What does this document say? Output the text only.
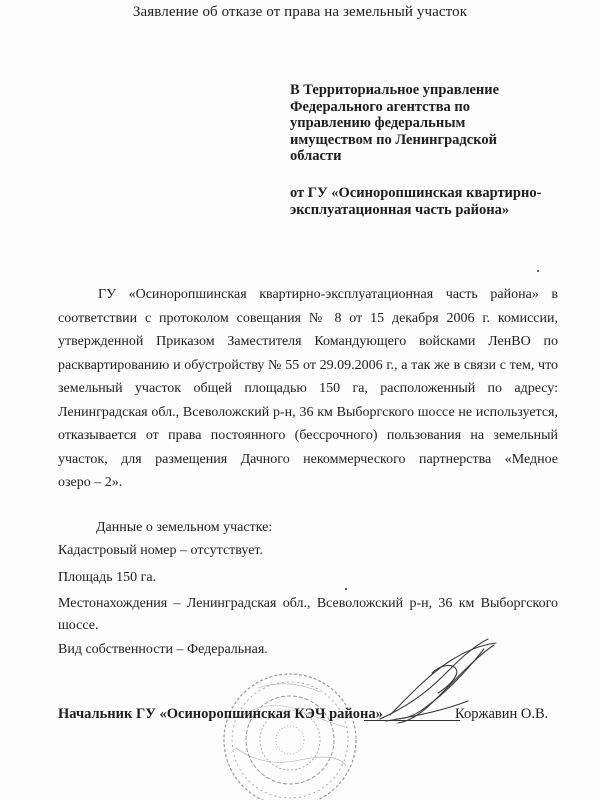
Заявление об отказе от права на земельный участок
В Территориальное управление
Федерального агентства по
управлению федеральным
имуществом по Ленинградской
области
от ГУ «Осиноропшинская квартирно-
эксплуатационная часть района»
ГУ «Осиноропшинская квартирно-эксплуатационная часть района» в
соответствии с протоколом совещания № 8 от 15 декабря 2006 г. комиссии,
утвержденной Приказом Заместителя Командующего войсками ЛенВО по
расквартированию и обустройству № 55 от 29.09.2006 г., а так же в связи с тем, что
земельный участок общей площадью 150 га, расположенный по адресу:
Ленинградская обл., Всеволожский р-н, 36 км Выборгского шоссе не используется,
отказывается от права постоянного (бессрочного) пользования на земельный
участок, для размещения Дачного некоммерческого партнерства «Медное
озеро – 2».
Данные о земельном участке:
Кадастровый номер – отсутствует.
Площадь 150 га.
Местонахождения – Ленинградская обл., Всеволожский р-н, 36 км Выборгского
шоссе.
Вид собственности – Федеральная.
Начальник ГУ «Осиноропшинская КЭЧ района»	Коржавин О.В.
